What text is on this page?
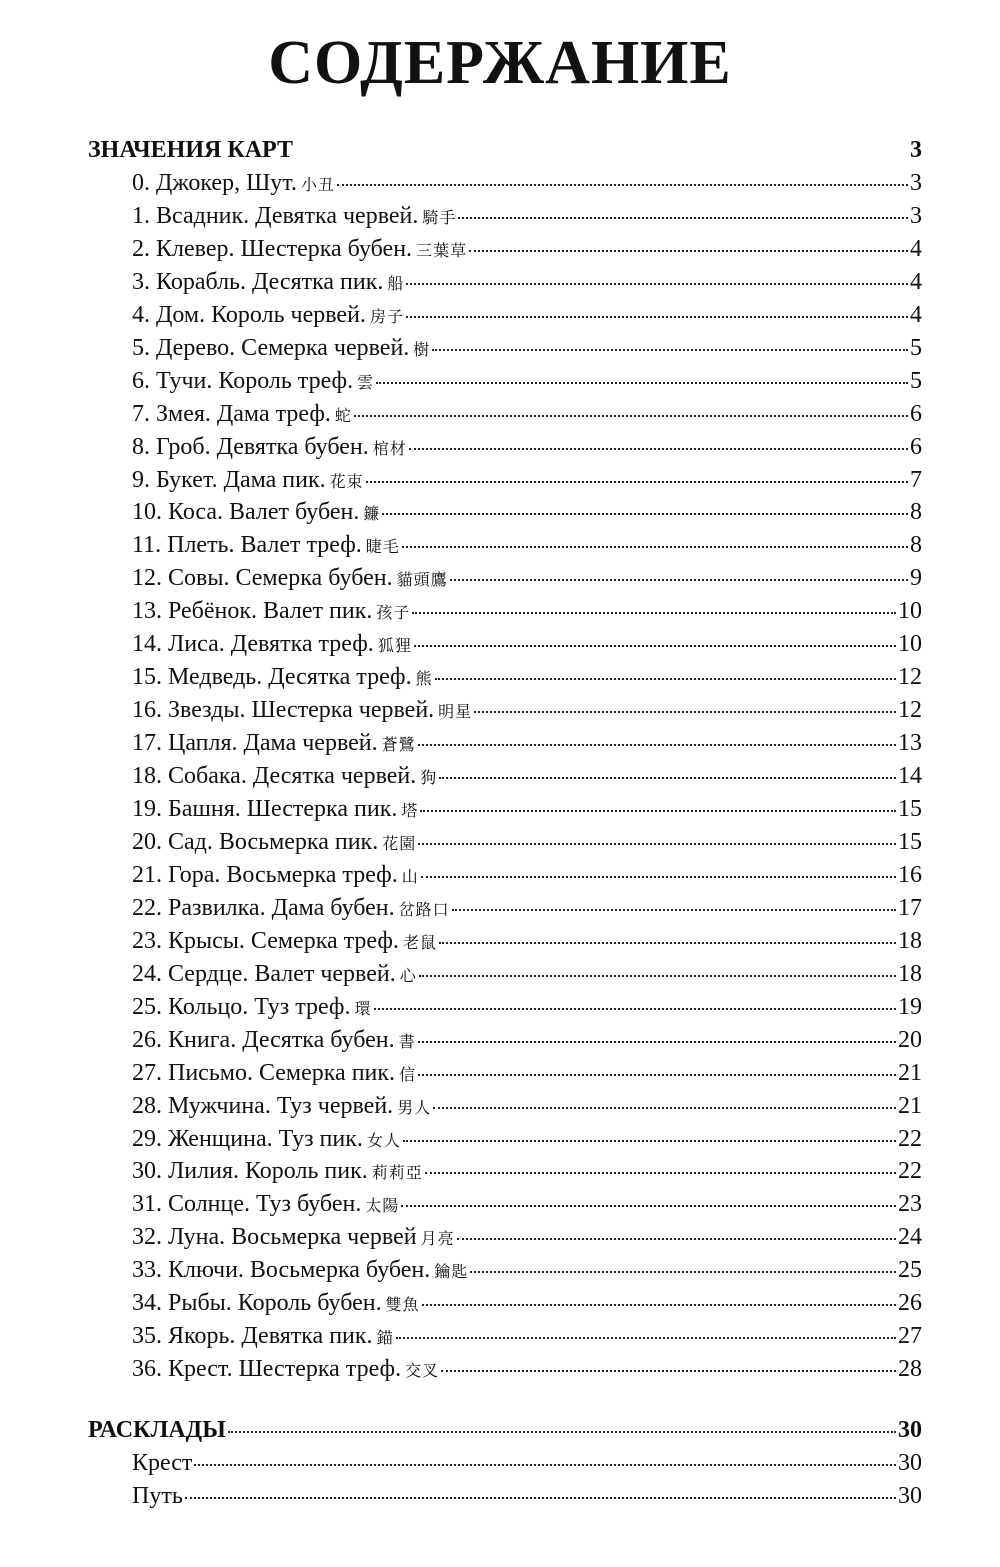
СОДЕРЖАНИЕ
ЗНАЧЕНИЯ КАРТ	3
0. Джокер, Шут. 小丑	3
1. Всадник. Девятка червей. 騎手	3
2. Клевер. Шестерка бубен. 三葉草	4
3. Корабль. Десятка пик. 船	4
4. Дом. Король червей. 房子	4
5. Дерево. Семерка червей. 樹	5
6. Тучи. Король треф. 雲	5
7. Змея. Дама треф. 蛇	6
8. Гроб. Девятка бубен. 棺材	6
9. Букет. Дама пик. 花束	7
10. Коса. Валет бубен. 鐮	8
11. Плеть. Валет треф. 睫毛	8
12. Совы. Семерка бубен. 貓頭鷹	9
13. Ребёнок. Валет пик. 孩子	10
14. Лиса. Девятка треф. 狐狸	10
15. Медведь. Десятка треф. 熊	12
16. Звезды. Шестерка червей. 明星	12
17. Цапля. Дама червей. 蒼鷺	13
18. Собака. Десятка червей. 狗	14
19. Башня. Шестерка пик. 塔	15
20. Сад. Восьмерка пик. 花園	15
21. Гора. Восьмерка треф. 山	16
22. Развилка. Дама бубен. 岔路口	17
23. Крысы. Семерка треф. 老鼠	18
24. Сердце. Валет червей. 心	18
25. Кольцо. Туз треф. 環	19
26. Книга. Десятка бубен. 書	20
27. Письмо. Семерка пик. 信	21
28. Мужчина. Туз червей. 男人	21
29. Женщина. Туз пик. 女人	22
30. Лилия. Король пик. 莉莉亞	22
31. Солнце. Туз бубен. 太陽	23
32. Луна. Восьмерка червей 月亮	24
33. Ключи. Восьмерка бубен. 鑰匙	25
34. Рыбы. Король бубен. 雙魚	26
35. Якорь. Девятка пик. 錨	27
36. Крест. Шестерка треф. 交叉	28
РАСКЛАДЫ	30
Крест	30
Путь	30
